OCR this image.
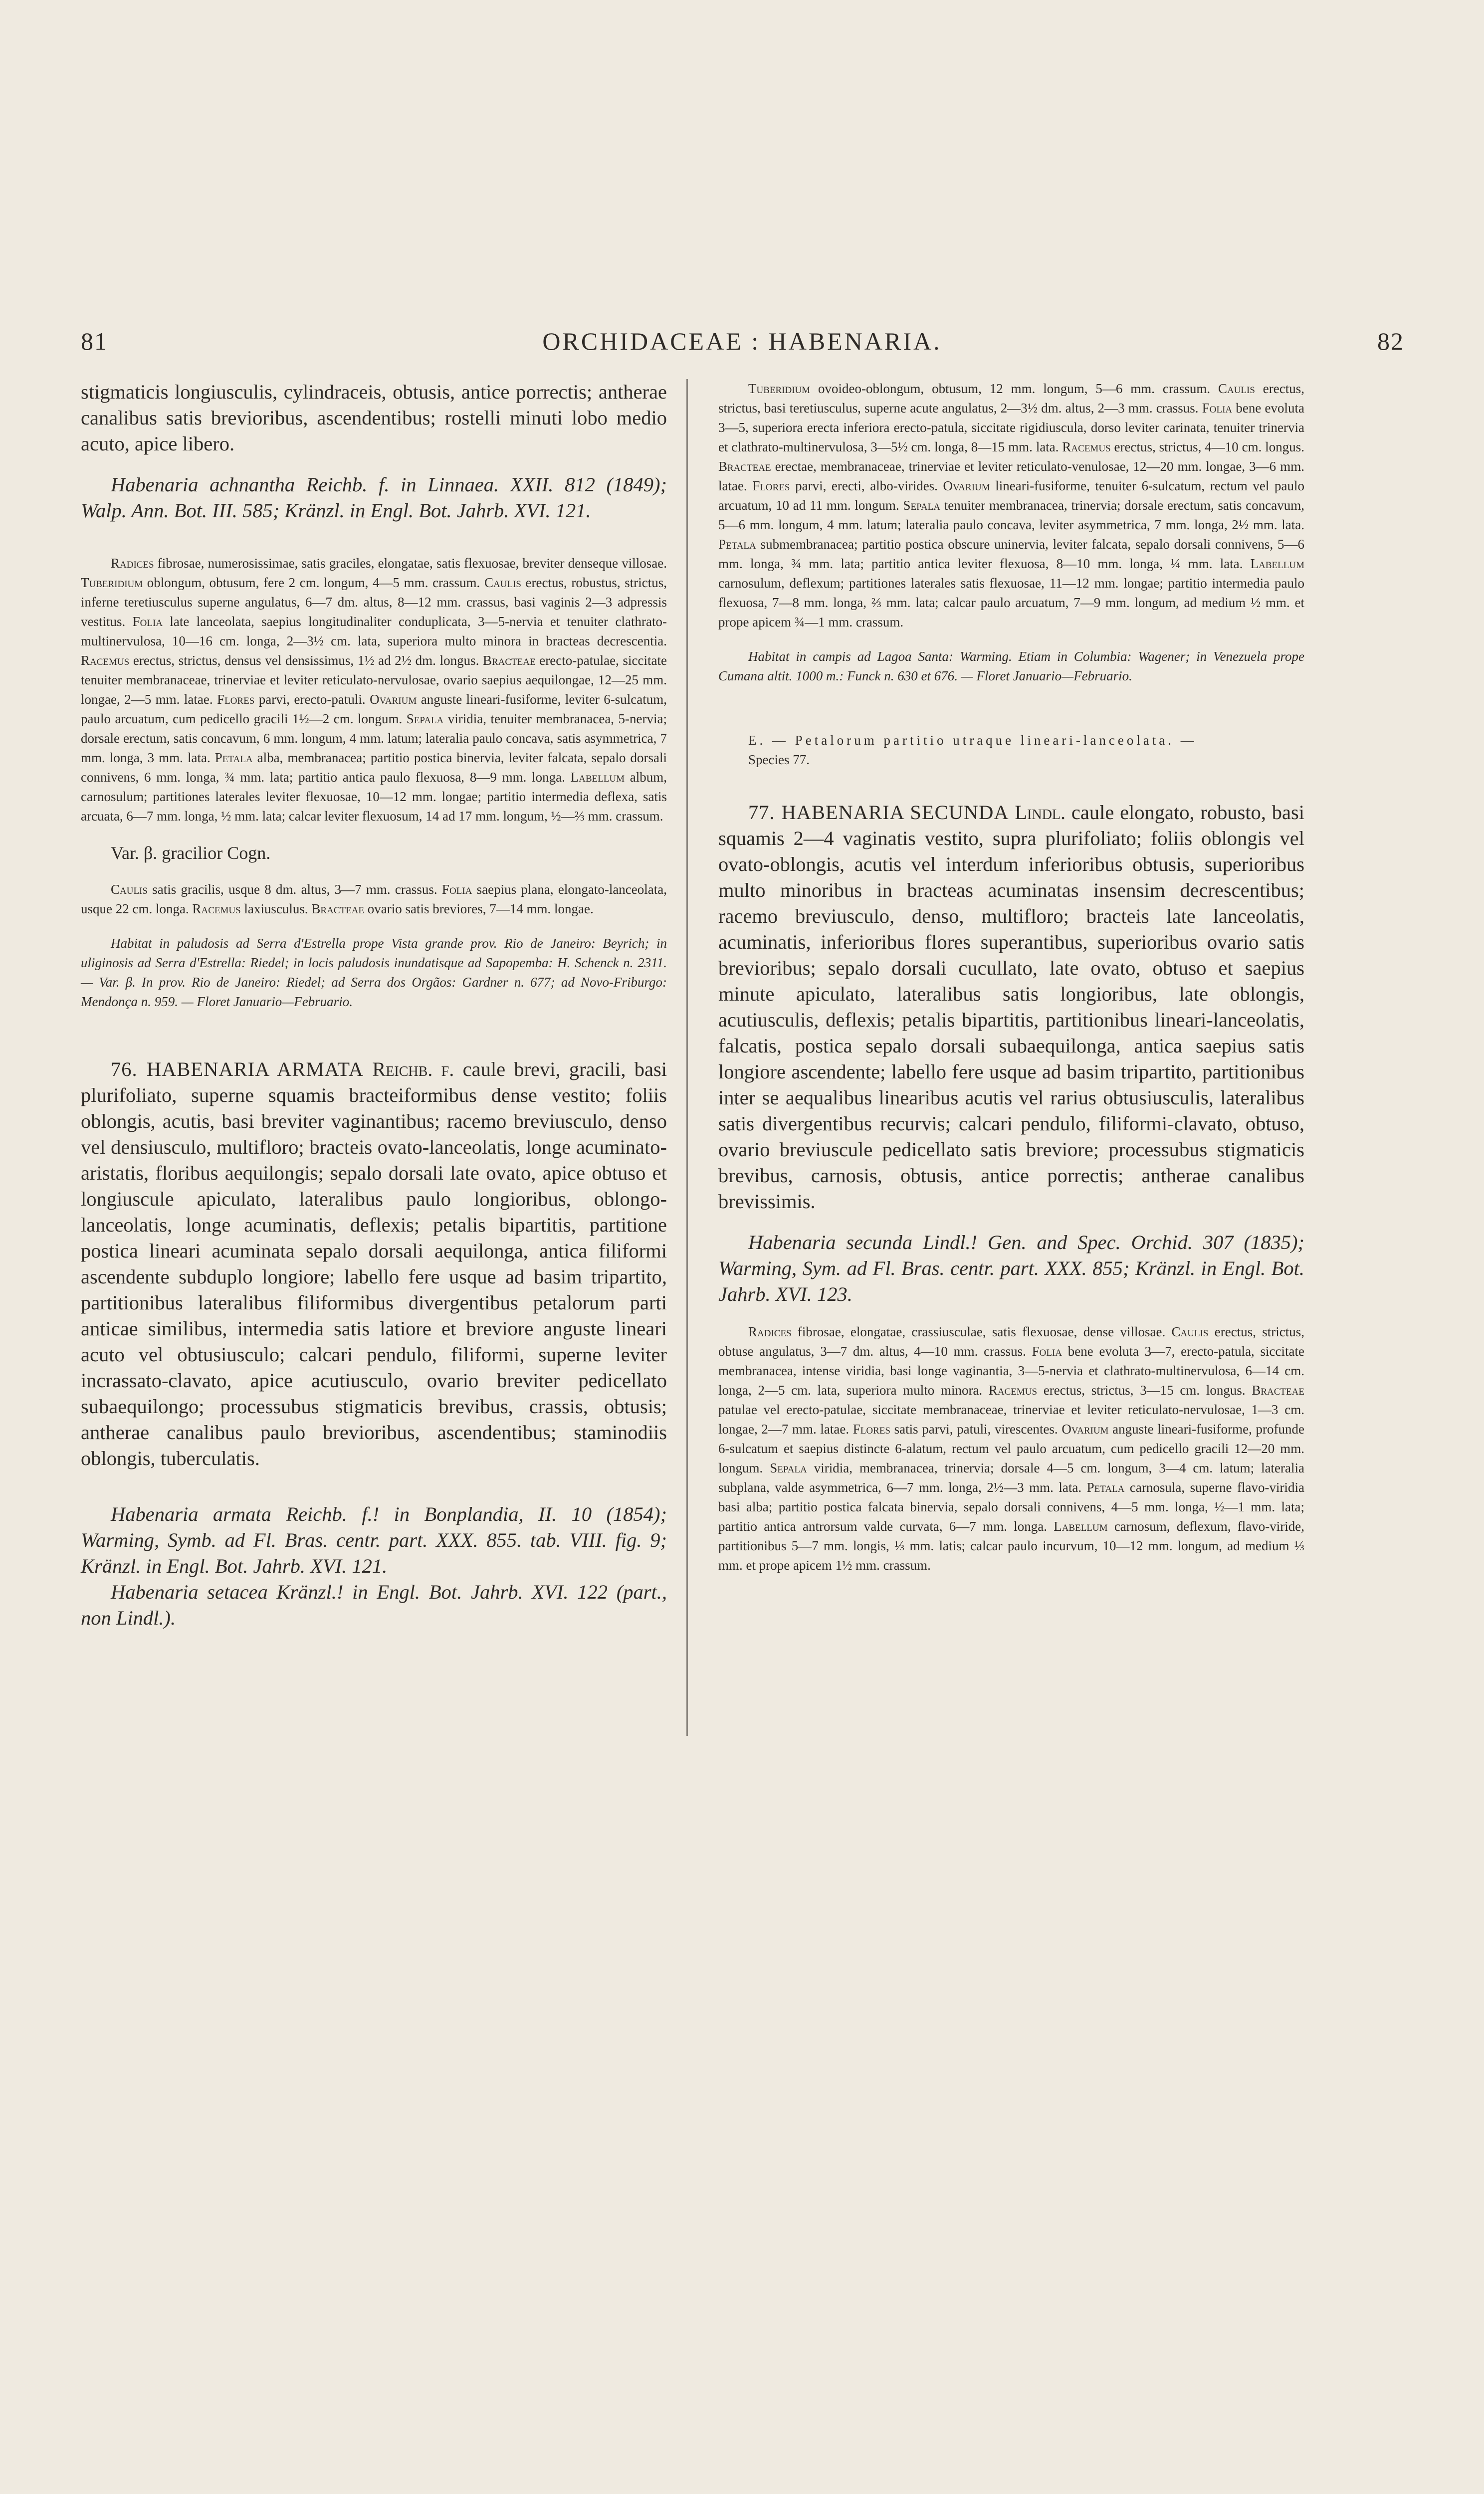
81	ORCHIDACEAE : HABENARIA.	82

stigmaticis longiusculis, cylindraceis, obtusis, antice porrectis; antherae canalibus satis brevioribus, ascendentibus; rostelli minuti lobo medio acuto, apice libero.

Habenaria achnantha Reichb. f. in Linnaea. XXII. 812 (1849); Walp. Ann. Bot. III. 585; Kränzl. in Engl. Bot. Jahrb. XVI. 121.

Radices fibrosae, numerosissimae, satis graciles, elongatae, satis flexuosae, breviter denseque villosae. Tuberidium oblongum, obtusum, fere 2 cm. longum, 4—5 mm. crassum. Caulis erectus, robustus, strictus, inferne teretiusculus superne angulatus, 6—7 dm. altus, 8—12 mm. crassus, basi vaginis 2—3 adpressis vestitus. Folia late lanceolata, saepius longitudinaliter conduplicata, 3—5-nervia et tenuiter clathrato-multinervulosa, 10—16 cm. longa, 2—3½ cm. lata, superiora multo minora in bracteas decrescentia. Racemus erectus, strictus, densus vel densissimus, 1½ ad 2½ dm. longus. Bracteae erecto-patulae, siccitate tenuiter membranaceae, trinerviae et leviter reticulato-nervulosae, ovario saepius aequilongae, 12—25 mm. longae, 2—5 mm. latae. Flores parvi, erecto-patuli. Ovarium anguste lineari-fusiforme, leviter 6-sulcatum, paulo arcuatum, cum pedicello gracili 1½—2 cm. longum. Sepala viridia, tenuiter membranacea, 5-nervia; dorsale erectum, satis concavum, 6 mm. longum, 4 mm. latum; lateralia paulo concava, satis asymmetrica, 7 mm. longa, 3 mm. lata. Petala alba, membranacea; partitio postica binervia, leviter falcata, sepalo dorsali connivens, 6 mm. longa, ¾ mm. lata; partitio antica paulo flexuosa, 8—9 mm. longa. Labellum album, carnosulum; partitiones laterales leviter flexuosae, 10—12 mm. longae; partitio intermedia deflexa, satis arcuata, 6—7 mm. longa, ½ mm. lata; calcar leviter flexuosum, 14 ad 17 mm. longum, ½—⅔ mm. crassum.

Var. β. gracilior Cogn.

Caulis satis gracilis, usque 8 dm. altus, 3—7 mm. crassus. Folia saepius plana, elongato-lanceolata, usque 22 cm. longa. Racemus laxiusculus. Bracteae ovario satis breviores, 7—14 mm. longae.

Habitat in paludosis ad Serra d'Estrella prope Vista grande prov. Rio de Janeiro: Beyrich; in uliginosis ad Serra d'Estrella: Riedel; in locis paludosis inundatisque ad Sapopemba: H. Schenck n. 2311. — Var. β. In prov. Rio de Janeiro: Riedel; ad Serra dos Orgãos: Gardner n. 677; ad Novo-Friburgo: Mendonça n. 959. — Floret Januario—Februario.

76. HABENARIA ARMATA Reichb. f. caule brevi, gracili, basi plurifoliato, superne squamis bracteiformibus dense vestito; foliis oblongis, acutis, basi breviter vaginantibus; racemo breviusculo, denso vel densiusculo, multifloro; bracteis ovato-lanceolatis, longe acuminato-aristatis, floribus aequilongis; sepalo dorsali late ovato, apice obtuso et longiuscule apiculato, lateralibus paulo longioribus, oblongo-lanceolatis, longe acuminatis, deflexis; petalis bipartitis, partitione postica lineari acuminata sepalo dorsali aequilonga, antica filiformi ascendente subduplo longiore; labello fere usque ad basim tripartito, partitionibus lateralibus filiformibus divergentibus petalorum parti anticae similibus, intermedia satis latiore et breviore anguste lineari acuto vel obtusiusculo; calcari pendulo, filiformi, superne leviter incrassato-clavato, apice acutiusculo, ovario breviter pedicellato subaequilongo; processubus stigmaticis brevibus, crassis, obtusis; antherae canalibus paulo brevioribus, ascendentibus; staminodiis oblongis, tuberculatis.

Habenaria armata Reichb. f.! in Bonplandia, II. 10 (1854); Warming, Symb. ad Fl. Bras. centr. part. XXX. 855. tab. VIII. fig. 9; Kränzl. in Engl. Bot. Jahrb. XVI. 121.

Habenaria setacea Kränzl.! in Engl. Bot. Jahrb. XVI. 122 (part., non Lindl.).

Tuberidium ovoideo-oblongum, obtusum, 12 mm. longum, 5—6 mm. crassum. Caulis erectus, strictus, basi teretiusculus, superne acute angulatus, 2—3½ dm. altus, 2—3 mm. crassus. Folia bene evoluta 3—5, superiora erecta inferiora erecto-patula, siccitate rigidiuscula, dorso leviter carinata, tenuiter trinervia et clathrato-multinervulosa, 3—5½ cm. longa, 8—15 mm. lata. Racemus erectus, strictus, 4—10 cm. longus. Bracteae erectae, membranaceae, trinerviae et leviter reticulato-venulosae, 12—20 mm. longae, 3—6 mm. latae. Flores parvi, erecti, albo-virides. Ovarium lineari-fusiforme, tenuiter 6-sulcatum, rectum vel paulo arcuatum, 10 ad 11 mm. longum. Sepala tenuiter membranacea, trinervia; dorsale erectum, satis concavum, 5—6 mm. longum, 4 mm. latum; lateralia paulo concava, leviter asymmetrica, 7 mm. longa, 2½ mm. lata. Petala submembranacea; partitio postica obscure uninervia, leviter falcata, sepalo dorsali connivens, 5—6 mm. longa, ¾ mm. lata; partitio antica leviter flexuosa, 8—10 mm. longa, ¼ mm. lata. Labellum carnosulum, deflexum; partitiones laterales satis flexuosae, 11—12 mm. longae; partitio intermedia paulo flexuosa, 7—8 mm. longa, ⅔ mm. lata; calcar paulo arcuatum, 7—9 mm. longum, ad medium ½ mm. et prope apicem ¾—1 mm. crassum.

Habitat in campis ad Lagoa Santa: Warming. Etiam in Columbia: Wagener; in Venezuela prope Cumana altit. 1000 m.: Funck n. 630 et 676. — Floret Januario—Februario.

E. — Petalorum partitio utraque lineari-lanceolata. —

Species 77.

77. HABENARIA SECUNDA Lindl. caule elongato, robusto, basi squamis 2—4 vaginatis vestito, supra plurifoliato; foliis oblongis vel ovato-oblongis, acutis vel interdum inferioribus obtusis, superioribus multo minoribus in bracteas acuminatas insensim decrescentibus; racemo breviusculo, denso, multifloro; bracteis late lanceolatis, acuminatis, inferioribus flores superantibus, superioribus ovario satis brevioribus; sepalo dorsali cucullato, late ovato, obtuso et saepius minute apiculato, lateralibus satis longioribus, late oblongis, acutiusculis, deflexis; petalis bipartitis, partitionibus lineari-lanceolatis, falcatis, postica sepalo dorsali subaequilonga, antica saepius satis longiore ascendente; labello fere usque ad basim tripartito, partitionibus inter se aequalibus linearibus acutis vel rarius obtusiusculis, lateralibus satis divergentibus recurvis; calcari pendulo, filiformi-clavato, obtuso, ovario breviuscule pedicellato satis breviore; processubus stigmaticis brevibus, carnosis, obtusis, antice porrectis; antherae canalibus brevissimis.

Habenaria secunda Lindl.! Gen. and Spec. Orchid. 307 (1835); Warming, Sym. ad Fl. Bras. centr. part. XXX. 855; Kränzl. in Engl. Bot. Jahrb. XVI. 123.

Radices fibrosae, elongatae, crassiusculae, satis flexuosae, dense villosae. Caulis erectus, strictus, obtuse angulatus, 3—7 dm. altus, 4—10 mm. crassus. Folia bene evoluta 3—7, erecto-patula, siccitate membranacea, intense viridia, basi longe vaginantia, 3—5-nervia et clathrato-multinervulosa, 6—14 cm. longa, 2—5 cm. lata, superiora multo minora. Racemus erectus, strictus, 3—15 cm. longus. Bracteae patulae vel erecto-patulae, siccitate membranaceae, trinerviae et leviter reticulato-nervulosae, 1—3 cm. longae, 2—7 mm. latae. Flores satis parvi, patuli, virescentes. Ovarium anguste lineari-fusiforme, profunde 6-sulcatum et saepius distincte 6-alatum, rectum vel paulo arcuatum, cum pedicello gracili 12—20 mm. longum. Sepala viridia, membranacea, trinervia; dorsale 4—5 cm. longum, 3—4 cm. latum; lateralia subplana, valde asymmetrica, 6—7 mm. longa, 2½—3 mm. lata. Petala carnosula, superne flavo-viridia basi alba; partitio postica falcata binervia, sepalo dorsali connivens, 4—5 mm. longa, ½—1 mm. lata; partitio antica antrorsum valde curvata, 6—7 mm. longa. Labellum carnosum, deflexum, flavo-viride, partitionibus 5—7 mm. longis, ⅓ mm. latis; calcar paulo incurvum, 10—12 mm. longum, ad medium ⅓ mm. et prope apicem 1½ mm. crassum.
